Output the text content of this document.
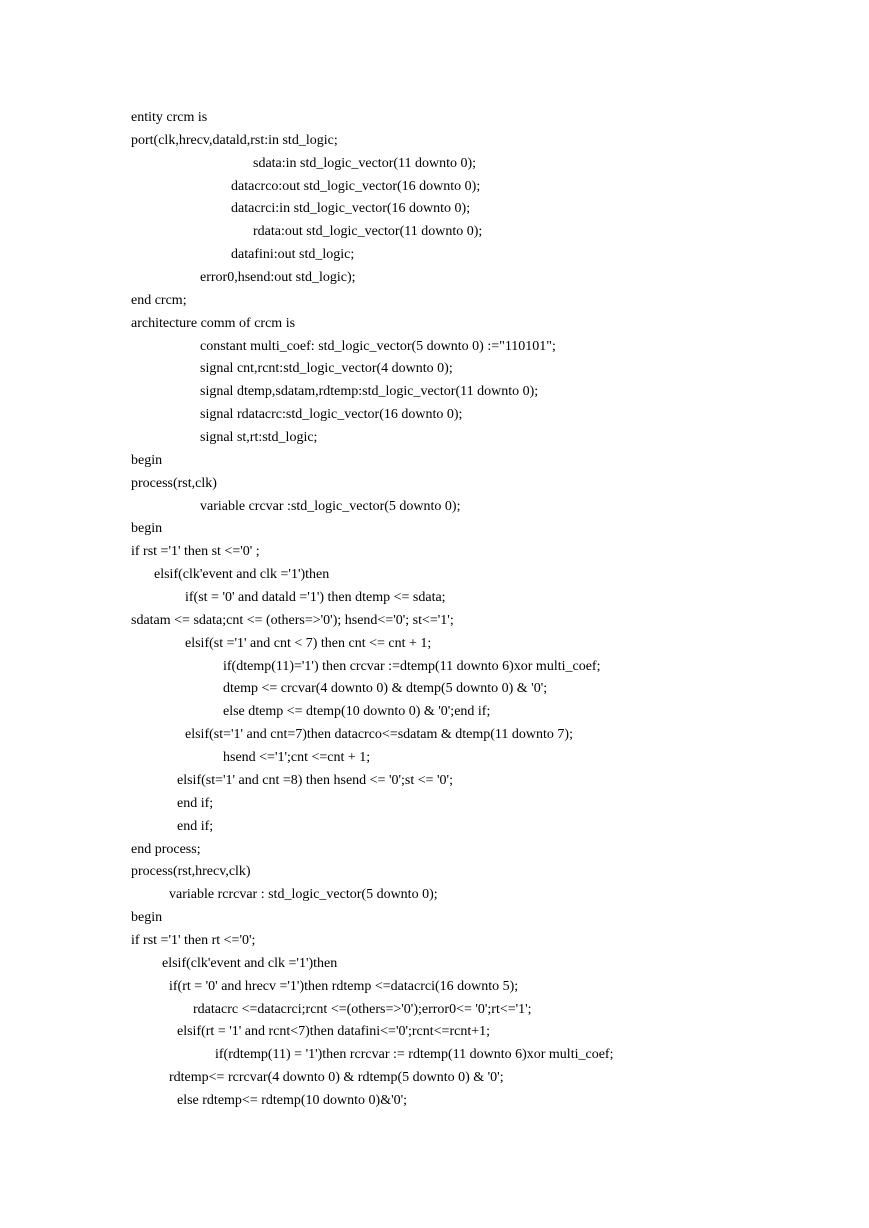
entity crcm is
port(clk,hrecv,datald,rst:in std_logic;
sdata:in std_logic_vector(11 downto 0);
datacrco:out std_logic_vector(16 downto 0);
datacrci:in std_logic_vector(16 downto 0);
rdata:out std_logic_vector(11 downto 0);
datafini:out std_logic;
error0,hsend:out std_logic);
end crcm;
architecture comm of crcm is
constant multi_coef: std_logic_vector(5 downto 0) :="110101";
signal cnt,rcnt:std_logic_vector(4 downto 0);
signal dtemp,sdatam,rdtemp:std_logic_vector(11 downto 0);
signal rdatacrc:std_logic_vector(16 downto 0);
signal st,rt:std_logic;
begin
process(rst,clk)
variable crcvar :std_logic_vector(5 downto 0);
begin
if rst ='1' then st <='0' ;
elsif(clk'event and clk ='1')then
if(st = '0' and datald ='1') then dtemp <= sdata;
sdatam <= sdata;cnt <= (others=>'0'); hsend<='0'; st<='1';
elsif(st ='1' and cnt < 7) then cnt <= cnt + 1;
if(dtemp(11)='1') then crcvar :=dtemp(11 downto 6)xor multi_coef;
dtemp <= crcvar(4 downto 0) & dtemp(5 downto 0) & '0';
else dtemp <= dtemp(10 downto 0) & '0';end if;
elsif(st='1' and cnt=7)then datacrco<=sdatam & dtemp(11 downto 7);
hsend <='1';cnt <=cnt + 1;
elsif(st='1' and cnt =8) then hsend <= '0';st <= '0';
end if;
end if;
end process;
process(rst,hrecv,clk)
variable rcrcvar : std_logic_vector(5 downto 0);
begin
if rst ='1' then rt <='0';
elsif(clk'event and clk ='1')then
if(rt = '0' and hrecv ='1')then rdtemp <=datacrci(16 downto 5);
rdatacrc <=datacrci;rcnt <=(others=>'0');error0<= '0';rt<='1';
elsif(rt = '1' and rcnt<7)then datafini<='0';rcnt<=rcnt+1;
if(rdtemp(11) = '1')then rcrcvar := rdtemp(11 downto 6)xor multi_coef;
rdtemp<= rcrcvar(4 downto 0) & rdtemp(5 downto 0) & '0';
else rdtemp<= rdtemp(10 downto 0)&'0';
